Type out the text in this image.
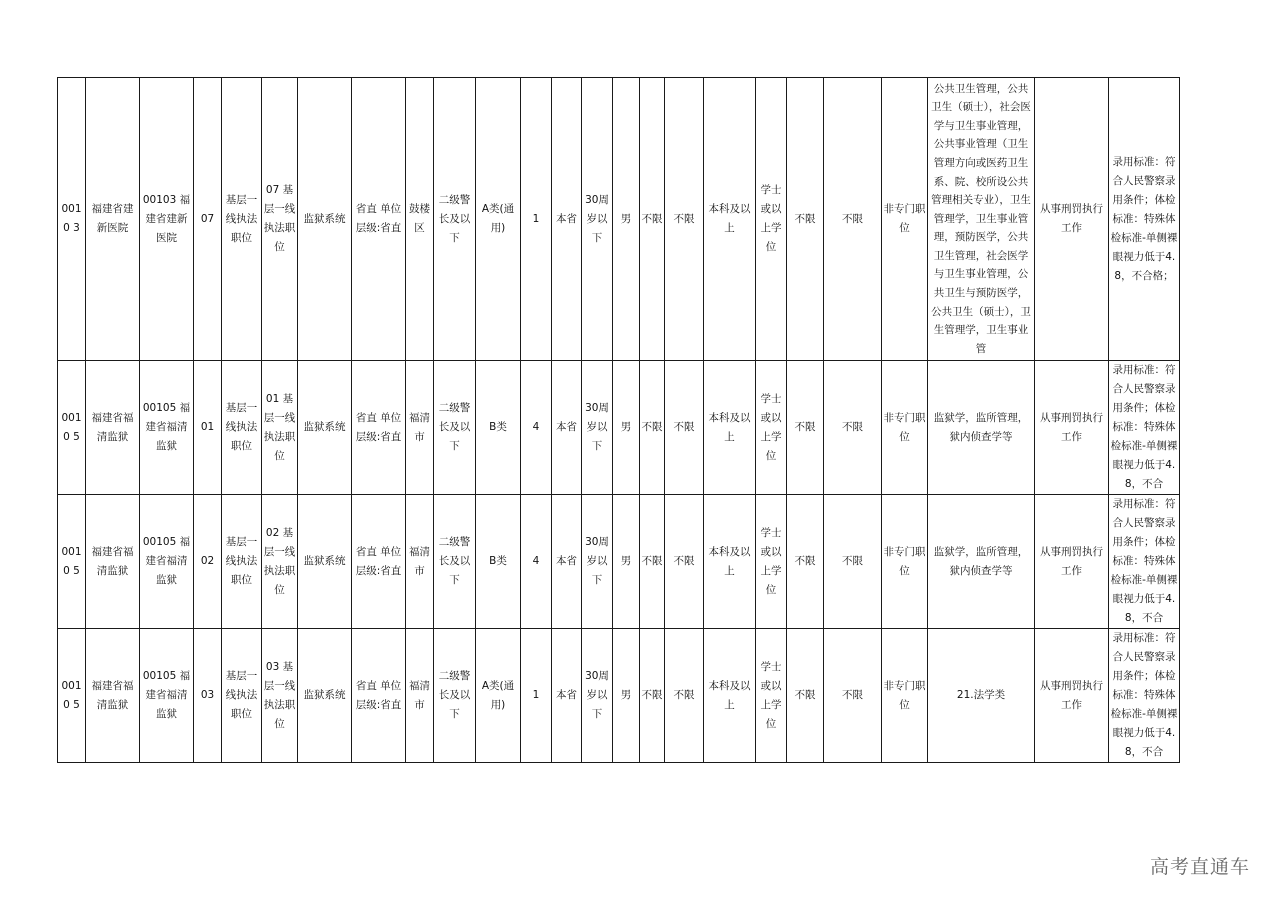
0010 3	福建省建新医院	00103 福建省建新医院	07	基层一线执法职位	07 基层一线执法职位	监狱系统	省直 单位层级:省直	鼓楼区	二级警长及以下	A类(通用)	1	本省	30周岁以下	男	不限	不限	本科及以上	学士或以上学位	不限	不限	非专门职位	公共卫生管理，公共卫生（硕士），社会医学与卫生事业管理，公共事业管理（卫生管理方向或医药卫生系、院、校所设公共管理相关专业），卫生管理学，卫生事业管理，预防医学，公共卫生管理，社会医学与卫生事业管理，公共卫生与预防医学，公共卫生（硕士），卫生管理学，卫生事业管	从事刑罚执行工作	录用标准：符合人民警察录用条件；体检标准：特殊体检标准-单侧裸眼视力低于4.8，不合格；
0010 5	福建省福清监狱	00105 福建省福清监狱	01	基层一线执法职位	01 基层一线执法职位	监狱系统	省直 单位层级:省直	福清市	二级警长及以下	B类	4	本省	30周岁以下	男	不限	不限	本科及以上	学士或以上学位	不限	不限	非专门职位	监狱学，监所管理，狱内侦查学等	从事刑罚执行工作	录用标准：符合人民警察录用条件；体检标准：特殊体检标准-单侧裸眼视力低于4.8，不合
0010 5	福建省福清监狱	00105 福建省福清监狱	02	基层一线执法职位	02 基层一线执法职位	监狱系统	省直 单位层级:省直	福清市	二级警长及以下	B类	4	本省	30周岁以下	男	不限	不限	本科及以上	学士或以上学位	不限	不限	非专门职位	监狱学，监所管理，狱内侦查学等	从事刑罚执行工作	录用标准：符合人民警察录用条件；体检标准：特殊体检标准-单侧裸眼视力低于4.8，不合
0010 5	福建省福清监狱	00105 福建省福清监狱	03	基层一线执法职位	03 基层一线执法职位	监狱系统	省直 单位层级:省直	福清市	二级警长及以下	A类(通用)	1	本省	30周岁以下	男	不限	不限	本科及以上	学士或以上学位	不限	不限	非专门职位	21.法学类	从事刑罚执行工作	录用标准：符合人民警察录用条件；体检标准：特殊体检标准-单侧裸眼视力低于4.8，不合
高考直通车
